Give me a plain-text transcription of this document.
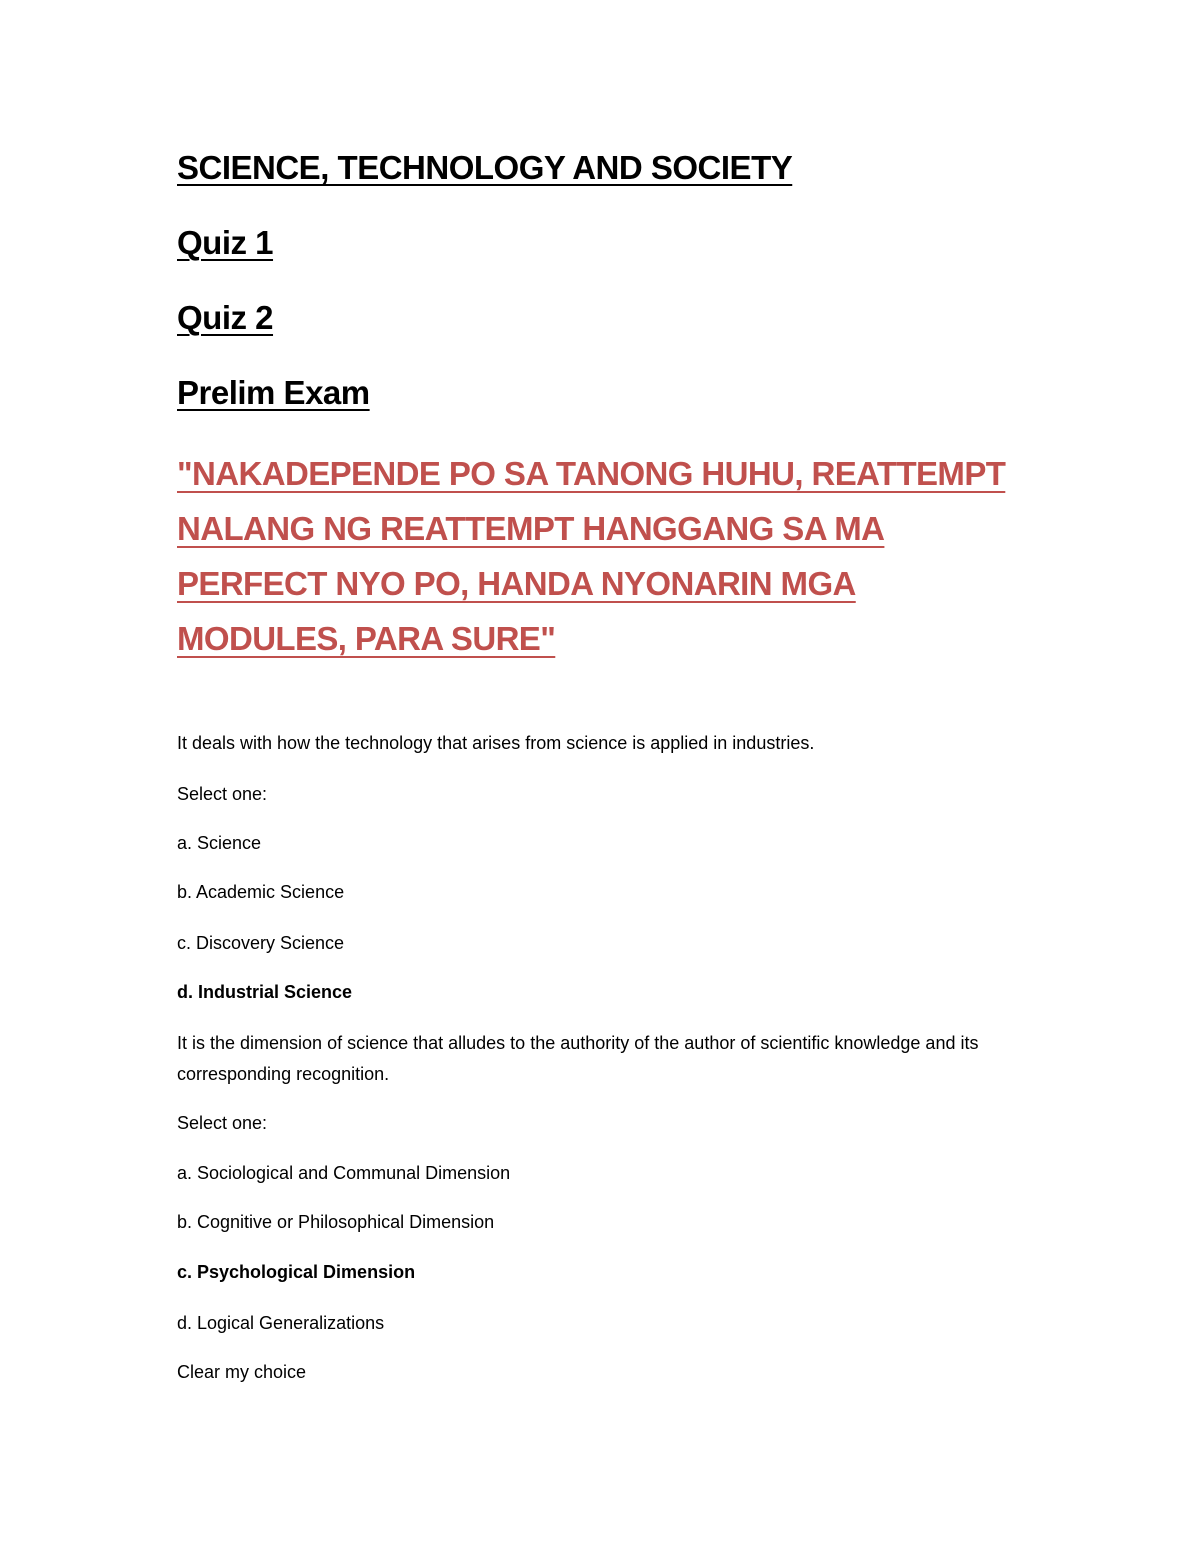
SCIENCE, TECHNOLOGY AND SOCIETY
Quiz 1
Quiz 2
Prelim Exam
"NAKADEPENDE PO SA TANONG HUHU, REATTEMPT
NALANG NG REATTEMPT HANGGANG SA MA
PERFECT NYO PO, HANDA NYONARIN MGA
MODULES, PARA SURE"
It deals with how the technology that arises from science is applied in industries.
Select one:
a. Science
b. Academic Science
c. Discovery Science
d. Industrial Science
It is the dimension of science that alludes to the authority of the author of scientific knowledge and its corresponding recognition.
Select one:
a. Sociological and Communal Dimension
b. Cognitive or Philosophical Dimension
c. Psychological Dimension
d. Logical Generalizations
Clear my choice
